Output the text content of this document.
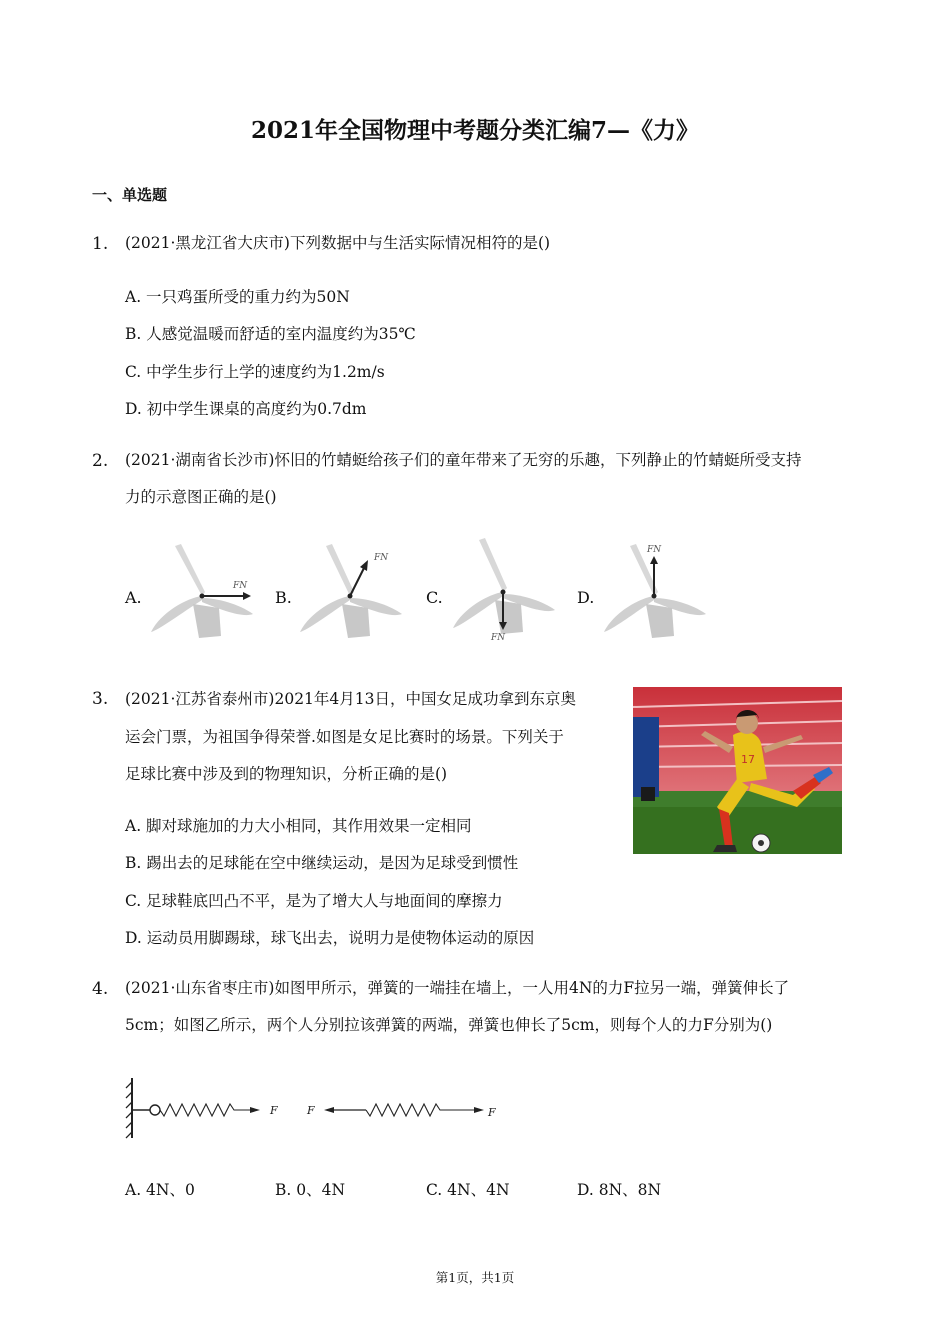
2021年全国物理中考题分类汇编7—《力》
一、单选题
1. (2021·黑龙江省大庆市)下列数据中与生活实际情况相符的是()
A. 一只鸡蛋所受的重力约为50N
B. 人感觉温暖而舒适的室内温度约为35℃
C. 中学生步行上学的速度约为1.2m/s
D. 初中学生课桌的高度约为0.7dm
2. (2021·湖南省长沙市)怀旧的竹蜻蜓给孩子们的童年带来了无穷的乐趣，下列静止的竹蜻蜓所受支持
力的示意图正确的是()
A.	B.	C.	D.
FN
FN
FN
FN
3. (2021·江苏省泰州市)2021年4月13日，中国女足成功拿到东京奥
运会门票，为祖国争得荣誉.如图是女足比赛时的场景。下列关于
足球比赛中涉及到的物理知识，分析正确的是()
17
A. 脚对球施加的力大小相同，其作用效果一定相同
B. 踢出去的足球能在空中继续运动，是因为足球受到惯性
C. 足球鞋底凹凸不平，是为了增大人与地面间的摩擦力
D. 运动员用脚踢球，球飞出去，说明力是使物体运动的原因
4. (2021·山东省枣庄市)如图甲所示，弹簧的一端挂在墙上，一人用4N的力F拉另一端，弹簧伸长了
5cm；如图乙所示，两个人分别拉该弹簧的两端，弹簧也伸长了5cm，则每个人的力F分别为()
F	F	F
A. 4N、0	B. 0、4N	C. 4N、4N	D. 8N、8N
第1页，共1页
